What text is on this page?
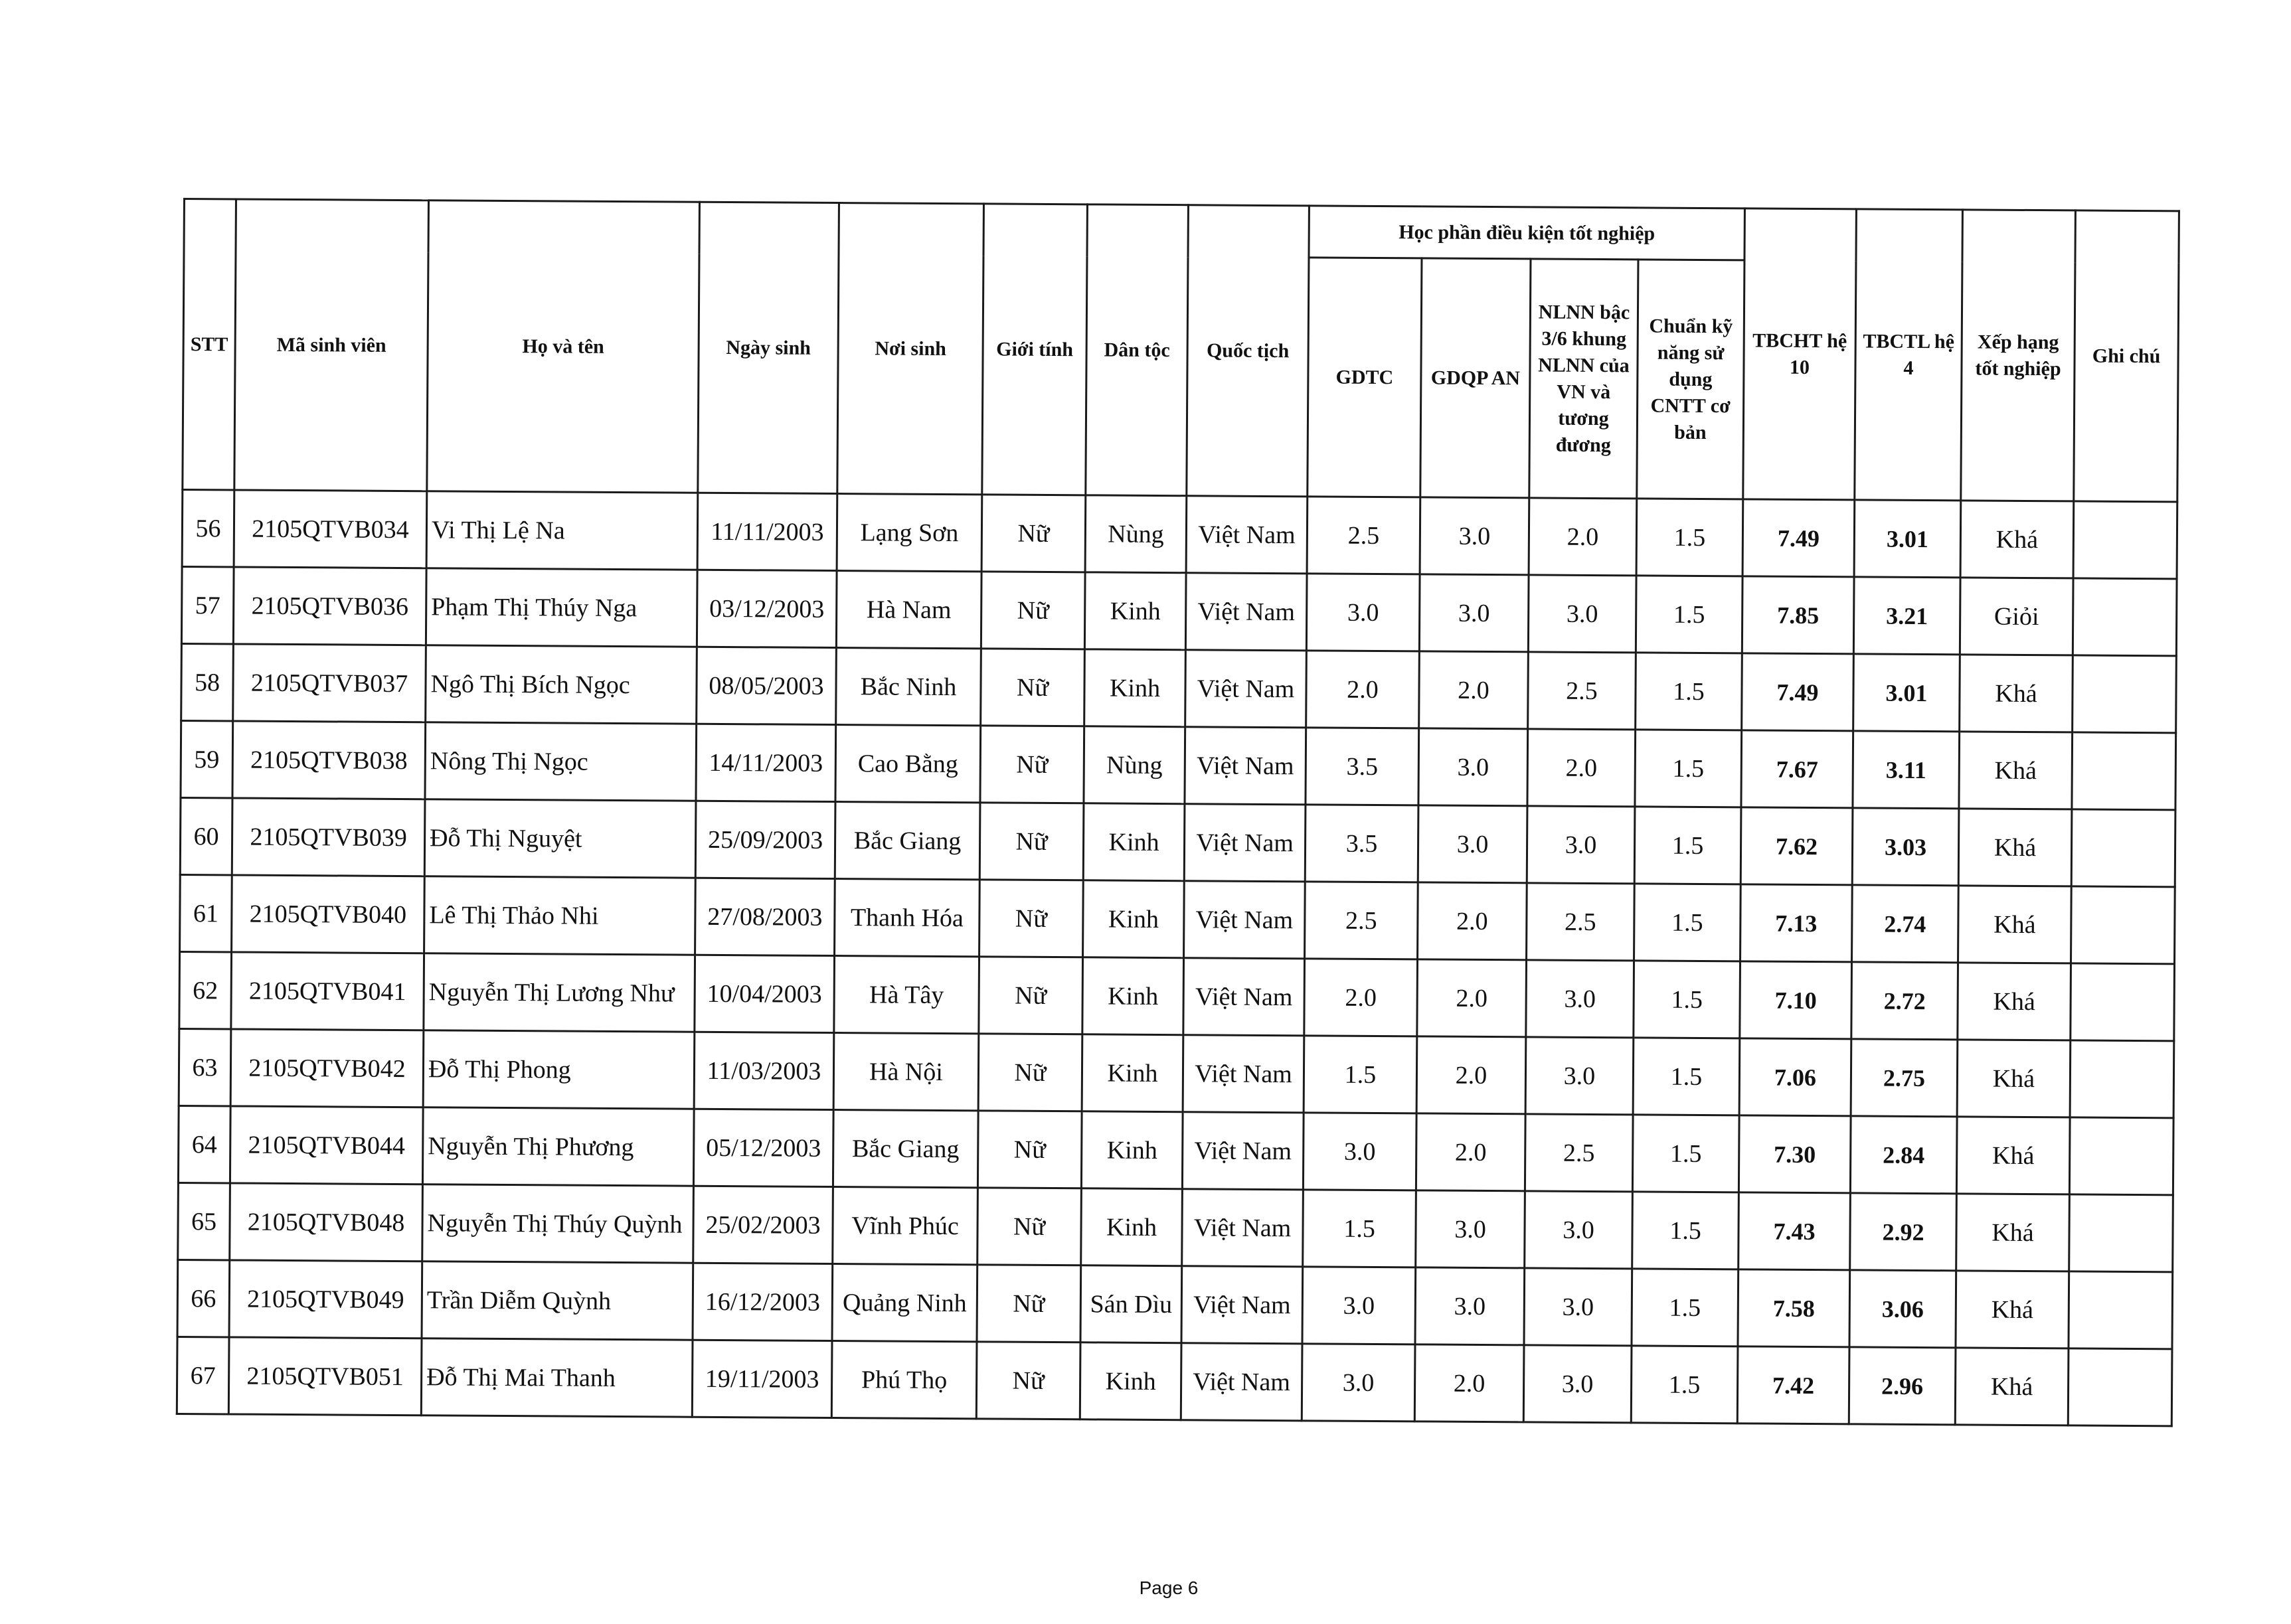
STT	Mã sinh viên	Họ và tên	Ngày sinh	Nơi sinh	Giới tính	Dân tộc	Quốc tịch	Học phần điều kiện tốt nghiệp				TBCHT hệ 10	TBCTL hệ 4	Xếp hạng tốt nghiệp	Ghi chú
								GDTC	GDQP AN	NLNN bậc 3/6 khung NLNN của VN và tương đương	Chuẩn kỹ năng sử dụng CNTT cơ bản				
56	2105QTVB034	Vi Thị Lệ Na	11/11/2003	Lạng Sơn	Nữ	Nùng	Việt Nam	2.5	3.0	2.0	1.5	7.49	3.01	Khá	
57	2105QTVB036	Phạm Thị Thúy Nga	03/12/2003	Hà Nam	Nữ	Kinh	Việt Nam	3.0	3.0	3.0	1.5	7.85	3.21	Giỏi	
58	2105QTVB037	Ngô Thị Bích Ngọc	08/05/2003	Bắc Ninh	Nữ	Kinh	Việt Nam	2.0	2.0	2.5	1.5	7.49	3.01	Khá	
59	2105QTVB038	Nông Thị Ngọc	14/11/2003	Cao Bằng	Nữ	Nùng	Việt Nam	3.5	3.0	2.0	1.5	7.67	3.11	Khá	
60	2105QTVB039	Đỗ Thị Nguyệt	25/09/2003	Bắc Giang	Nữ	Kinh	Việt Nam	3.5	3.0	3.0	1.5	7.62	3.03	Khá	
61	2105QTVB040	Lê Thị Thảo Nhi	27/08/2003	Thanh Hóa	Nữ	Kinh	Việt Nam	2.5	2.0	2.5	1.5	7.13	2.74	Khá	
62	2105QTVB041	Nguyễn Thị Lương Như	10/04/2003	Hà Tây	Nữ	Kinh	Việt Nam	2.0	2.0	3.0	1.5	7.10	2.72	Khá	
63	2105QTVB042	Đỗ Thị Phong	11/03/2003	Hà Nội	Nữ	Kinh	Việt Nam	1.5	2.0	3.0	1.5	7.06	2.75	Khá	
64	2105QTVB044	Nguyễn Thị Phương	05/12/2003	Bắc Giang	Nữ	Kinh	Việt Nam	3.0	2.0	2.5	1.5	7.30	2.84	Khá	
65	2105QTVB048	Nguyễn Thị Thúy Quỳnh	25/02/2003	Vĩnh Phúc	Nữ	Kinh	Việt Nam	1.5	3.0	3.0	1.5	7.43	2.92	Khá	
66	2105QTVB049	Trần Diễm Quỳnh	16/12/2003	Quảng Ninh	Nữ	Sán Dìu	Việt Nam	3.0	3.0	3.0	1.5	7.58	3.06	Khá	
67	2105QTVB051	Đỗ Thị Mai Thanh	19/11/2003	Phú Thọ	Nữ	Kinh	Việt Nam	3.0	2.0	3.0	1.5	7.42	2.96	Khá	
Page 6
